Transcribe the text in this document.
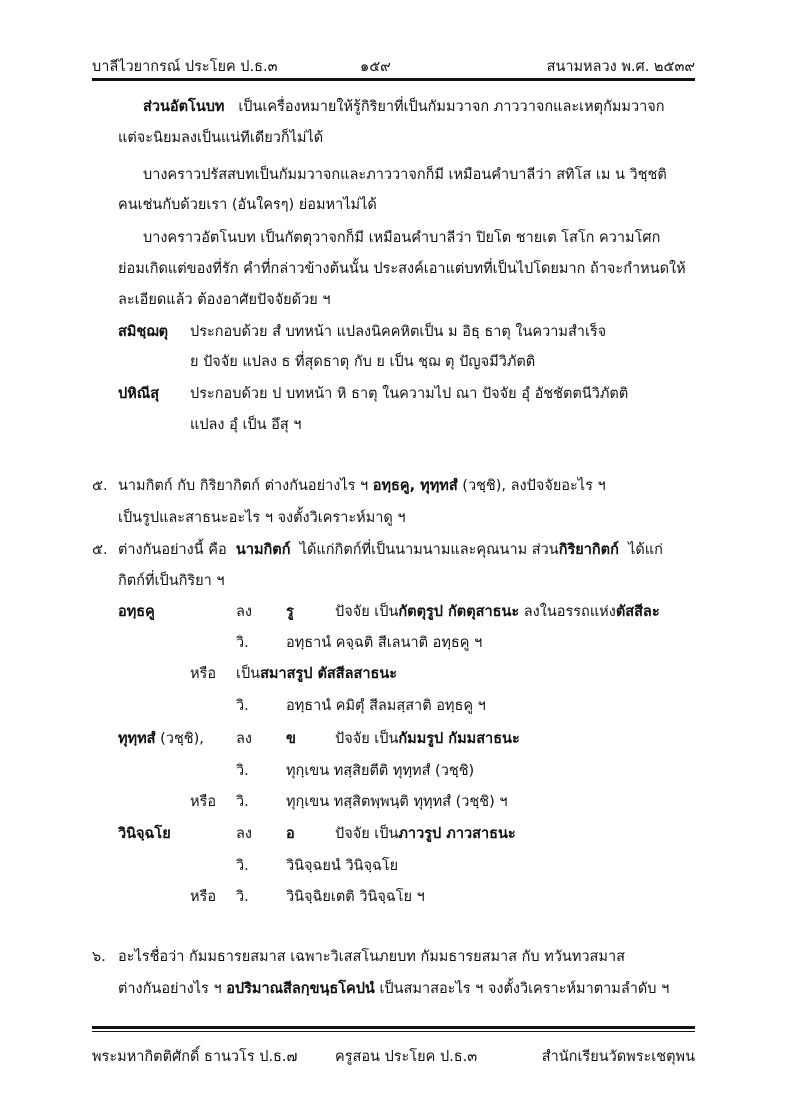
บาลีไวยากรณ์ ประโยค ป.ธ.๓	๑๕๙	สนามหลวง พ.ศ. ๒๕๓๙
ส่วนอัตโนบท เป็นเครื่องหมายให้รู้กิริยาที่เป็นกัมมวาจก ภาววาจกและเหตุกัมมวาจก
แต่จะนิยมลงเป็นแน่ทีเดียวก็ไม่ได้
บางคราวปรัสสบทเป็นกัมมวาจกและภาววาจกก็มี เหมือนคำบาลีว่า สทิโส เม น วิชฺชติ
คนเช่นกับด้วยเรา (อันใครๆ) ย่อมหาไม่ได้
บางคราวอัตโนบท เป็นกัตตุวาจกก็มี เหมือนคำบาลีว่า ปิยโต ชายเต โสโก ความโศก
ย่อมเกิดแต่ของที่รัก คำที่กล่าวข้างต้นนั้น ประสงค์เอาแต่บทที่เป็นไปโดยมาก ถ้าจะกำหนดให้
ละเอียดแล้ว ต้องอาศัยปัจจัยด้วย ฯ
สมิชฺฌตุ ประกอบด้วย สํ บทหน้า แปลงนิคคหิตเป็น ม อิธฺ ธาตุ ในความสำเร็จ
ย ปัจจัย แปลง ธ ที่สุดธาตุ กับ ย เป็น ชฺฌ ตุ ปัญจมีวิภัตติ
ปหิณีสุ ประกอบด้วย ป บทหน้า หิ ธาตุ ในความไป ณา ปัจจัย อุํ อัชชัตตนีวิภัตติ
แปลง อุํ เป็น อึสุ ฯ
๕. นามกิตก์ กับ กิริยากิตก์ ต่างกันอย่างไร ฯ อทฺธคู, ทุทฺทสํ (วชฺชิ), ลงปัจจัยอะไร ฯ
เป็นรูปและสาธนะอะไร ฯ จงตั้งวิเคราะห์มาดู ฯ
๕. ต่างกันอย่างนี้ คือ นามกิตก์ ได้แก่กิตก์ที่เป็นนามนามและคุณนาม ส่วนกิริยากิตก์ ได้แก่
กิตก์ที่เป็นกิริยา ฯ
อทฺธคู	ลง รู	ปัจจัย เป็นกัตตุรูป กัตตุสาธนะ ลงในอรรถแห่งตัสสีละ
วิ.	อทฺธานํ คจฺฉติ สีเลนาติ อทฺธคู ฯ
หรือ เป็นสมาสรูป ตัสสีลสาธนะ
วิ.	อทฺธานํ คมิตุํ สีลมสฺสาติ อทฺธคู ฯ
ทุทฺทสํ (วชฺชิ), ลง ข	ปัจจัย เป็นกัมมรูป กัมมสาธนะ
วิ.	ทุกฺเขน ทสฺสิยตีติ ทุทฺทสํ (วชฺชิ)
หรือ วิ.	ทุกฺเขน ทสฺสิตพฺพนฺติ ทุทฺทสํ (วชฺชิ) ฯ
วินิจฺฉโย	ลง อ	ปัจจัย เป็นภาวรูป ภาวสาธนะ
วิ.	วินิจฺฉยนํ วินิจฺฉโย
หรือ วิ.	วินิจฺฉิยเตติ วินิจฺฉโย ฯ
๖. อะไรชื่อว่า กัมมธารยสมาส เฉพาะวิเสสโนภยบท กัมมธารยสมาส กับ ทวันทวสมาส
ต่างกันอย่างไร ฯ อปริมาณสีลกฺขนฺธโคปนํ เป็นสมาสอะไร ฯ จงตั้งวิเคราะห์มาตามลำดับ ฯ
พระมหากิตติศักดิ์ ธานวโร ป.ธ.๗	ครูสอน ประโยค ป.ธ.๓	สำนักเรียนวัดพระเชตุพน
